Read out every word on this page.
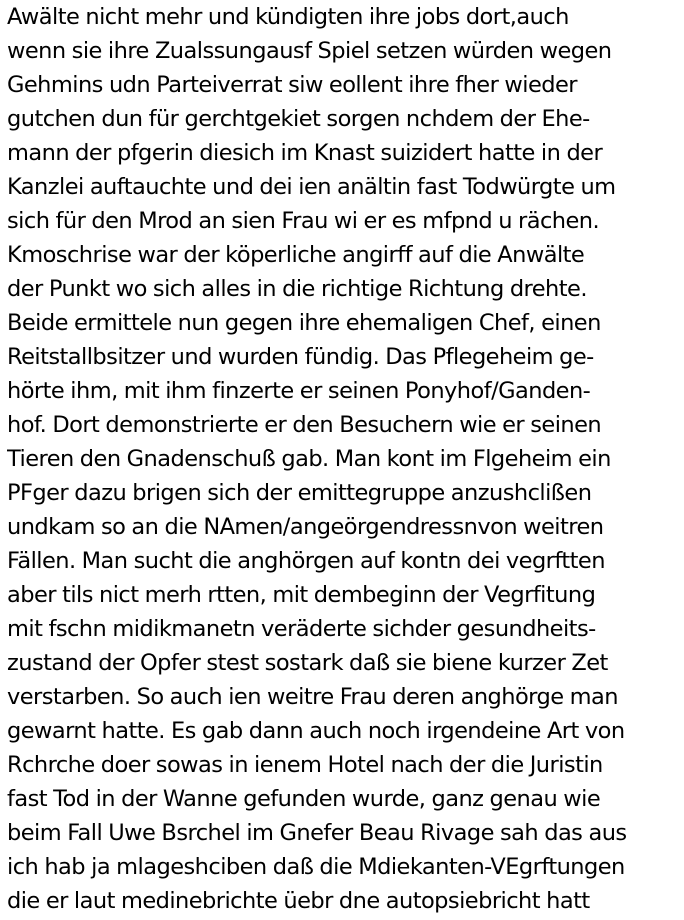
Awälte nicht mehr und kündigten ihre jobs dort,auch
wenn sie ihre Zualssungausf Spiel setzen würden wegen
Gehmins udn Parteiverrat siw eollent ihre fher wieder
gutchen dun für gerchtgekiet sorgen nchdem der Ehe-
mann der pfgerin diesich im Knast suizidert hatte in der
Kanzlei auftauchte und dei ien anältin fast Todwürgte um
sich für den Mrod an sien Frau wi er es mfpnd u rächen.
Kmoschrise war der köperliche angirff auf die Anwälte
der Punkt wo sich alles in die richtige Richtung drehte.
Beide ermittele nun gegen ihre ehemaligen Chef, einen
Reitstallbsitzer und wurden fündig. Das Pflegeheim ge-
hörte ihm, mit ihm finzerte er seinen Ponyhof/Ganden-
hof. Dort demonstrierte er den Besuchern wie er seinen
Tieren den Gnadenschuß gab. Man kont im Flgeheim ein
PFger dazu brigen sich der emittegruppe anzushclißen
undkam so an die NAmen/angeörgendressnvon weitren
Fällen. Man sucht die anghörgen auf kontn dei vegrftten
aber tils nict merh rtten, mit dembeginn der Vegrfitung
mit fschn midikmanetn veräderte sichder gesundheits-
zustand der Opfer stest sostark daß sie biene kurzer Zet
verstarben. So auch ien weitre Frau deren anghörge man
gewarnt hatte. Es gab dann auch noch irgendeine Art von
Rchrche doer sowas in ienem Hotel nach der die Juristin
fast Tod in der Wanne gefunden wurde, ganz genau wie
beim Fall Uwe Bsrchel im Gnefer Beau Rivage sah das aus
ich hab ja mlageshciben daß die Mdiekanten-VEgrftungen
die er laut medinebrichte üebr dne autopsiebricht hatt
